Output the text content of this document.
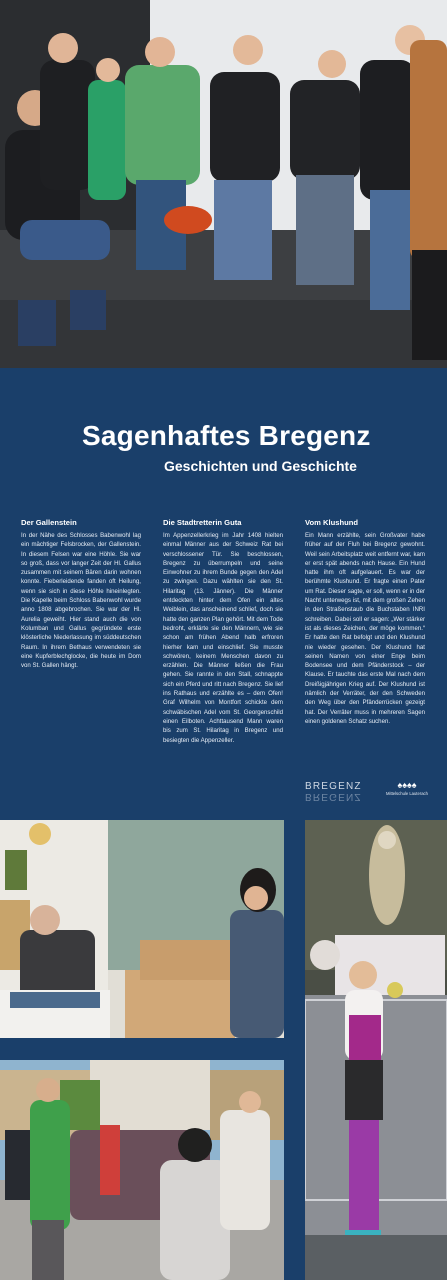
Sagenhaftes Bregenz
Geschichten und Geschichte
Der Gallenstein

In der Nähe des Schlosses Babenwohl lag ein mächtiger Felsbrocken, der Gallenstein. In diesem Felsen war eine Höhle. Sie war so groß, dass vor langer Zeit der Hl. Gallus zusammen mit seinem Bären darin wohnen konnte. Fieberleidende fanden oft Heilung, wenn sie sich in diese Höhle hineinlegten. Die Kapelle beim Schloss Babenwohl wurde anno 1808 abgebrochen. Sie war der Hl. Aurelia geweiht. Hier stand auch die von Kolumban und Gallus gegründete erste klösterliche Niederlassung im süddeutschen Raum. In ihrem Bethaus verwendeten sie eine Kupferblechglocke, die heute im Dom von St. Gallen hängt.

Die Stadtretterin Guta

Im Appenzellerkrieg im Jahr 1408 hielten einmal Männer aus der Schweiz Rat bei verschlossener Tür. Sie beschlossen, Bregenz zu überrumpeln und seine Einwohner zu ihrem Bunde gegen den Adel zu zwingen. Dazu wählten sie den St. Hilaritag (13. Jänner). Die Männer entdeckten hinter dem Ofen ein altes Weiblein, das anscheinend schlief, doch sie hatte den ganzen Plan gehört. Mit dem Tode bedroht, erklärte sie den Männern, wie sie schon am frühen Abend halb erfroren hierher kam und einschlief. Sie musste schwören, keinem Menschen davon zu erzählen. Die Männer ließen die Frau gehen. Sie rannte in den Stall, schnappte sich ein Pferd und ritt nach Bregenz. Sie lief ins Rathaus und erzählte es – dem Ofen! Graf Wilhelm von Montfort schickte dem schwäbischen Adel vom St. Georgenschild einen Eilboten. Achttausend Mann waren bis zum St. Hilaritag in Bregenz und besiegten die Appenzeller.

Vom Klushund

Ein Mann erzählte, sein Großvater habe früher auf der Fluh bei Bregenz gewohnt. Weil sein Arbeitsplatz weit entfernt war, kam er erst spät abends nach Hause. Ein Hund hatte ihm oft aufgelauert. Es war der berühmte Klushund. Er fragte einen Pater um Rat. Dieser sagte, er soll, wenn er in der Nacht unterwegs ist, mit dem großen Zehen in den Straßenstaub die Buchstaben INRI schreiben. Dabei soll er sagen: „Wer stärker ist als dieses Zeichen, der möge kommen.“ Er hatte den Rat befolgt und den Klushund nie wieder gesehen. Der Klushund hat seinen Namen von einer Enge beim Bodensee und dem Pfänderstock – der Klause. Er tauchte das erste Mal nach dem Dreißigjährigen Krieg auf. Der Klushund ist nämlich der Verräter, der den Schweden den Weg über den Pfänderrücken gezeigt hat. Der Verräter muss in mehreren Sagen einen goldenen Schatz suchen.

BREGENZ
BREGENZ
♠♠♠♠
Mittelschule Lauterach
